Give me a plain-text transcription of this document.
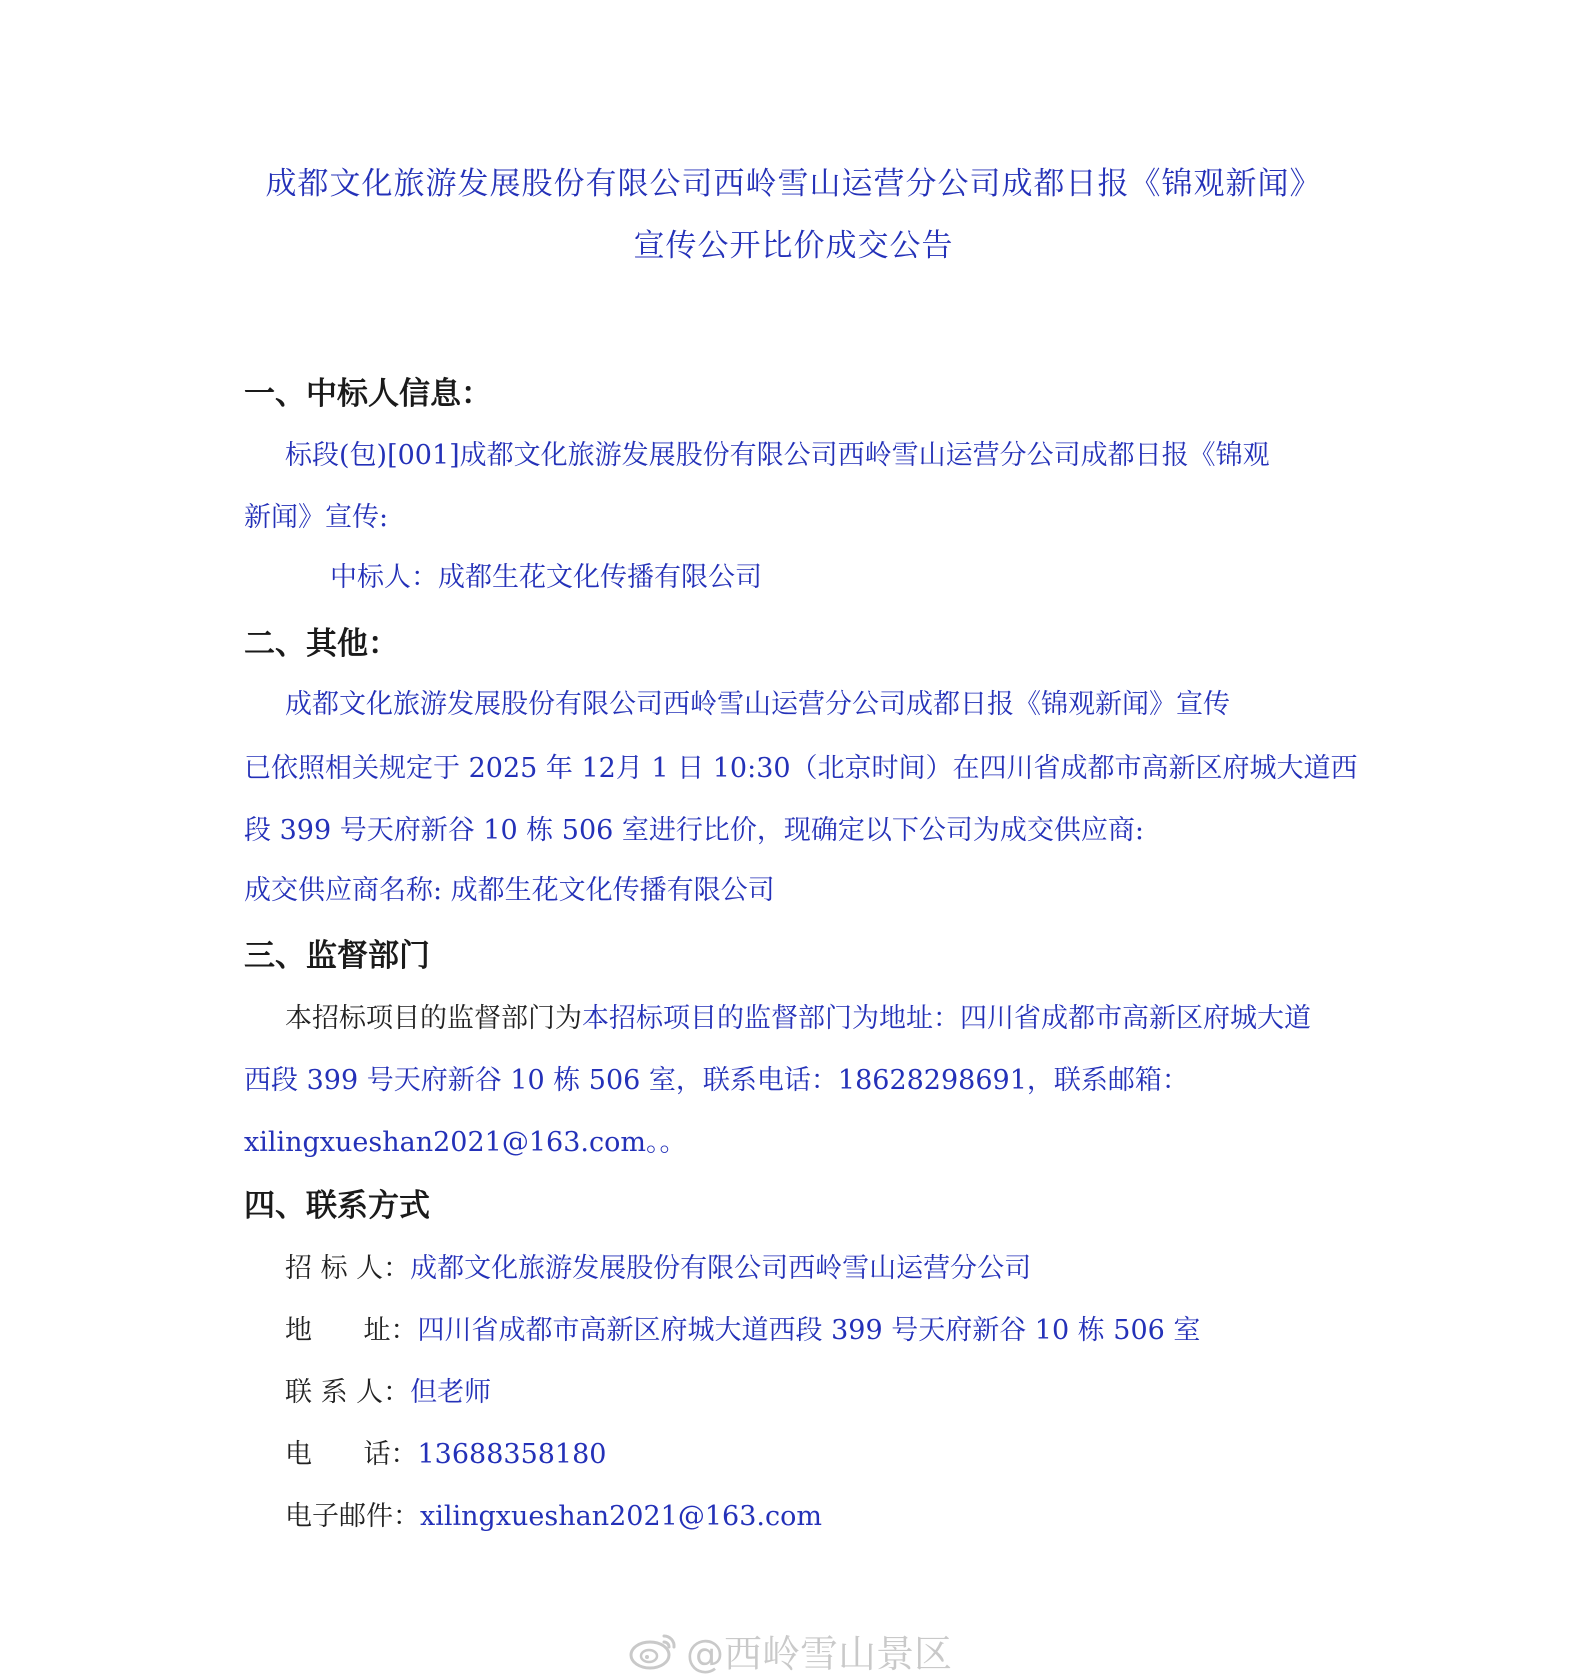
成都文化旅游发展股份有限公司西岭雪山运营分公司成都日报《锦观新闻》
宣传公开比价成交公告
一、中标人信息：
标段(包)[001]成都文化旅游发展股份有限公司西岭雪山运营分公司成都日报《锦观
新闻》宣传:
中标人：成都生花文化传播有限公司
二、其他：
成都文化旅游发展股份有限公司西岭雪山运营分公司成都日报《锦观新闻》宣传
已依照相关规定于 2025 年 12月 1 日 10:30（北京时间）在四川省成都市高新区府城大道西
段 399 号天府新谷 10 栋 506 室进行比价，现确定以下公司为成交供应商:
成交供应商名称: 成都生花文化传播有限公司
三、监督部门
本招标项目的监督部门为本招标项目的监督部门为地址：四川省成都市高新区府城大道
西段 399 号天府新谷 10 栋 506 室，联系电话：18628298691，联系邮箱：
xilingxueshan2021@163.com。。
四、联系方式
招 标 人：成都文化旅游发展股份有限公司西岭雪山运营分公司
地      址：四川省成都市高新区府城大道西段 399 号天府新谷 10 栋 506 室
联 系 人：但老师
电      话：13688358180
电子邮件：xilingxueshan2021@163.com
@西岭雪山景区
